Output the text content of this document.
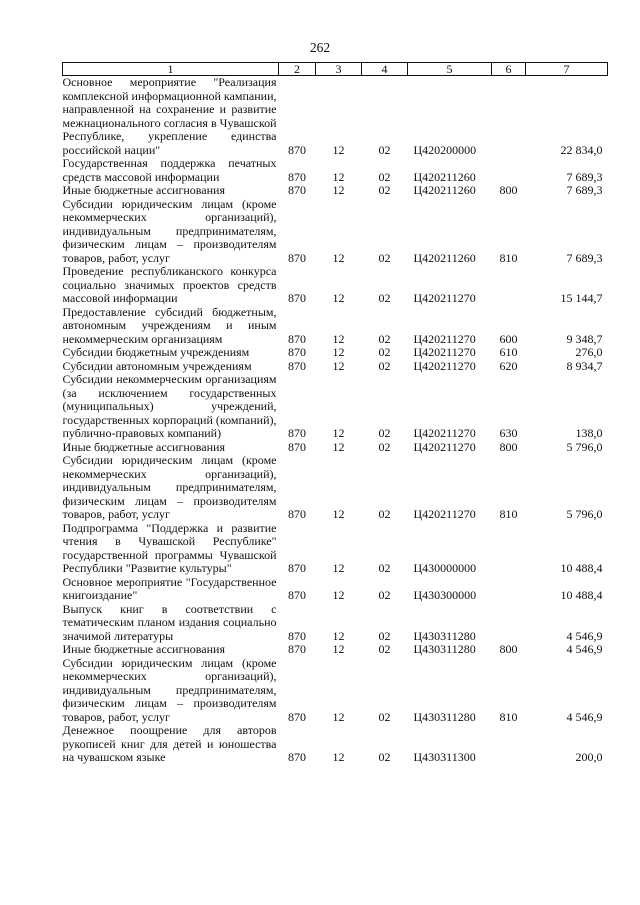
262
1	2	3	4	5	6	7
Основное мероприятие "Реализация комплексной информационной кампании, направленной на сохранение и развитие межнационального согласия в Чувашской Республике, укрепление единства российской нации"	870	12	02	Ц420200000		22 834,0
Государственная поддержка печатных средств массовой информации	870	12	02	Ц420211260		7 689,3
Иные бюджетные ассигнования	870	12	02	Ц420211260	800	7 689,3
Субсидии юридическим лицам (кроме некоммерческих организаций), индивидуальным предпринимателям, физическим лицам – производителям товаров, работ, услуг	870	12	02	Ц420211260	810	7 689,3
Проведение республиканского конкурса социально значимых проектов средств массовой информации	870	12	02	Ц420211270		15 144,7
Предоставление субсидий бюджетным, автономным учреждениям и иным некоммерческим организациям	870	12	02	Ц420211270	600	9 348,7
Субсидии бюджетным учреждениям	870	12	02	Ц420211270	610	276,0
Субсидии автономным учреждениям	870	12	02	Ц420211270	620	8 934,7
Субсидии некоммерческим организациям (за исключением государственных (муниципальных) учреждений, государственных корпораций (компаний), публично-правовых компаний)	870	12	02	Ц420211270	630	138,0
Иные бюджетные ассигнования	870	12	02	Ц420211270	800	5 796,0
Субсидии юридическим лицам (кроме некоммерческих организаций), индивидуальным предпринимателям, физическим лицам – производителям товаров, работ, услуг	870	12	02	Ц420211270	810	5 796,0
Подпрограмма "Поддержка и развитие чтения в Чувашской Республике" государственной программы Чувашской Республики "Развитие культуры"	870	12	02	Ц430000000		10 488,4
Основное мероприятие "Государственное книгоиздание"	870	12	02	Ц430300000		10 488,4
Выпуск книг в соответствии с тематическим планом издания социально значимой литературы	870	12	02	Ц430311280		4 546,9
Иные бюджетные ассигнования	870	12	02	Ц430311280	800	4 546,9
Субсидии юридическим лицам (кроме некоммерческих организаций), индивидуальным предпринимателям, физическим лицам – производителям товаров, работ, услуг	870	12	02	Ц430311280	810	4 546,9
Денежное поощрение для авторов рукописей книг для детей и юношества на чувашском языке	870	12	02	Ц430311300		200,0
